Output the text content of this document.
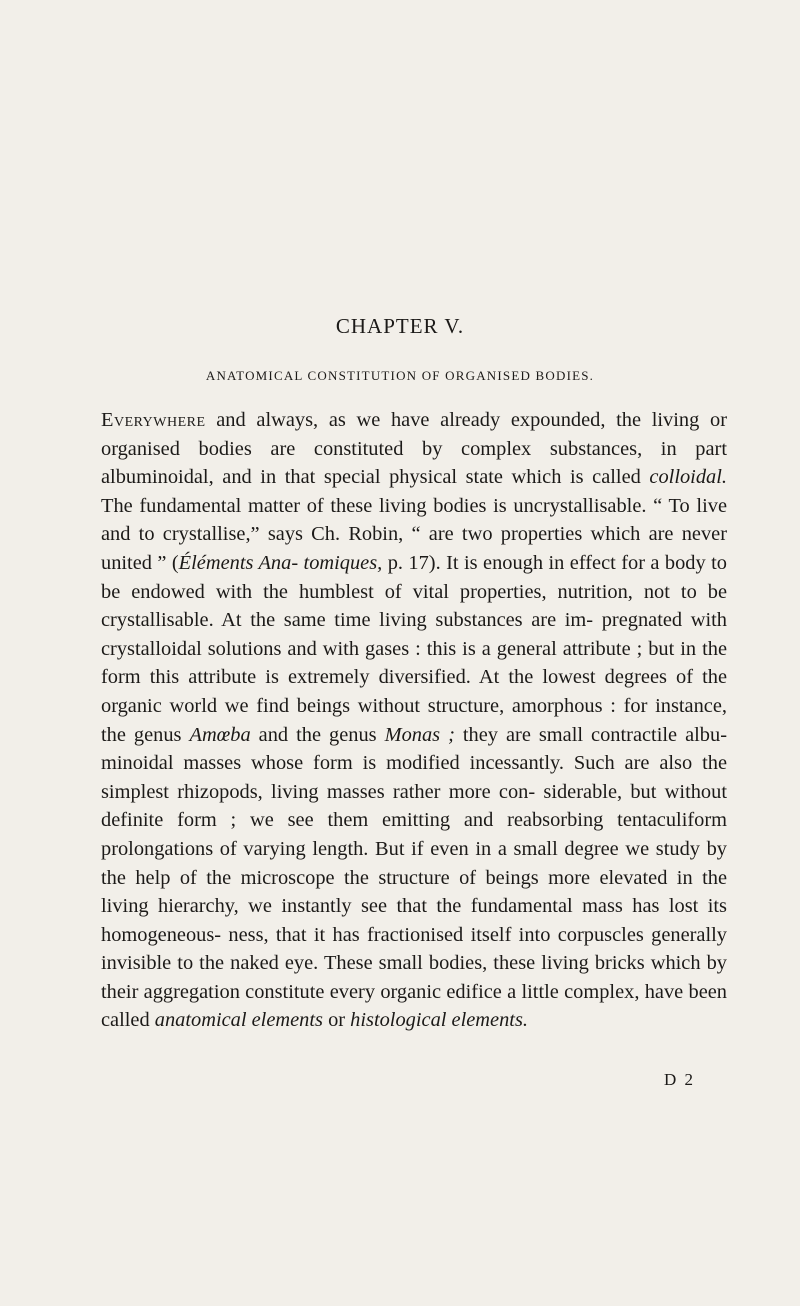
CHAPTER V.
ANATOMICAL CONSTITUTION OF ORGANISED BODIES.

Everywhere and always, as we have already expounded, the living or organised bodies are constituted by complex substances, in part albuminoidal, and in that special physical state which is called colloidal. The fundamental matter of these living bodies is uncrystallisable. “ To live and to crystallise,” says Ch. Robin, “ are two properties which are never united ” (Éléments Ana- tomiques, p. 17). It is enough in effect for a body to be endowed with the humblest of vital properties, nutrition, not to be crystallisable. At the same time living substances are im- pregnated with crystalloidal solutions and with gases : this is a general attribute ; but in the form this attribute is extremely diversified. At the lowest degrees of the organic world we find beings without structure, amorphous : for instance, the genus Amœba and the genus Monas ; they are small contractile albu- minoidal masses whose form is modified incessantly. Such are also the simplest rhizopods, living masses rather more con- siderable, but without definite form ; we see them emitting and reabsorbing tentaculiform prolongations of varying length. But if even in a small degree we study by the help of the microscope the structure of beings more elevated in the living hierarchy, we instantly see that the fundamental mass has lost its homogeneous- ness, that it has fractionised itself into corpuscles generally invisible to the naked eye. These small bodies, these living bricks which by their aggregation constitute every organic edifice a little complex, have been called anatomical elements or histological elements.

D 2
